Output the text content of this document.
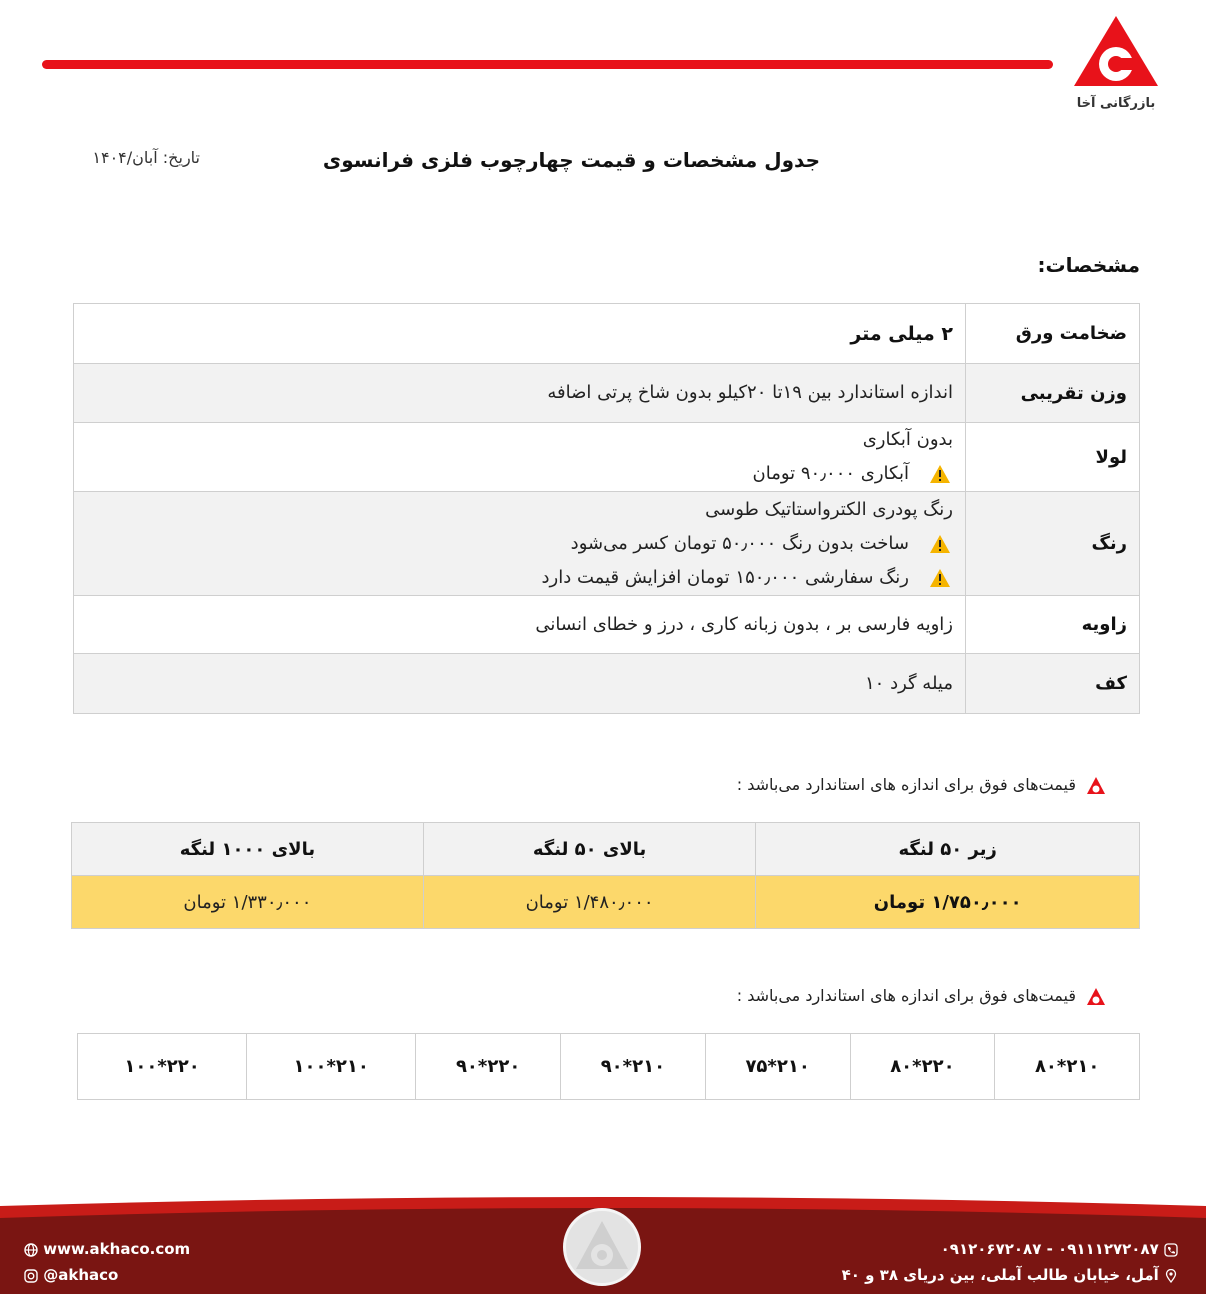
بازرگانی آخا
جدول مشخصات و قیمت چهارچوب فلزی فرانسوی
تاریخ: آبان/۱۴۰۴
مشخصات:
ضخامت ورق	۲ میلی متر

وزن تقریبی	اندازه استاندارد بین ۱۹تا ۲۰کیلو بدون شاخ پرتی اضافه

لولا	بدون آبکاری
آبکاری ۹۰٫۰۰۰ تومان

رنگ	رنگ پودری الکترواستاتیک طوسی
ساخت بدون رنگ ۵۰٫۰۰۰ تومان کسر می‌شود
رنگ سفارشی ۱۵۰٫۰۰۰ تومان افزایش قیمت دارد

زاویه	زاویه فارسی بر ، بدون زبانه کاری ، درز و خطای انسانی

کف	میله گرد ۱۰
قیمت‌های فوق برای اندازه های استاندارد می‌باشد :
زیر ۵۰ لنگه	بالای ۵۰ لنگه	بالای ۱۰۰۰ لنگه
۱/۷۵۰٫۰۰۰ تومان	۱/۴۸۰٫۰۰۰ تومان	۱/۳۳۰٫۰۰۰ تومان
قیمت‌های فوق برای اندازه های استاندارد می‌باشد :
۲۱۰*۸۰	۲۲۰*۸۰	۲۱۰*۷۵	۲۱۰*۹۰	۲۲۰*۹۰	۲۱۰*۱۰۰	۲۲۰*۱۰۰
www.akhaco.com
@akhaco
۰۹۱۱۱۲۷۲۰۸۷ - ۰۹۱۲۰۶۷۲۰۸۷
آمل، خیابان طالب آملی، بین دریای ۳۸ و ۴۰
